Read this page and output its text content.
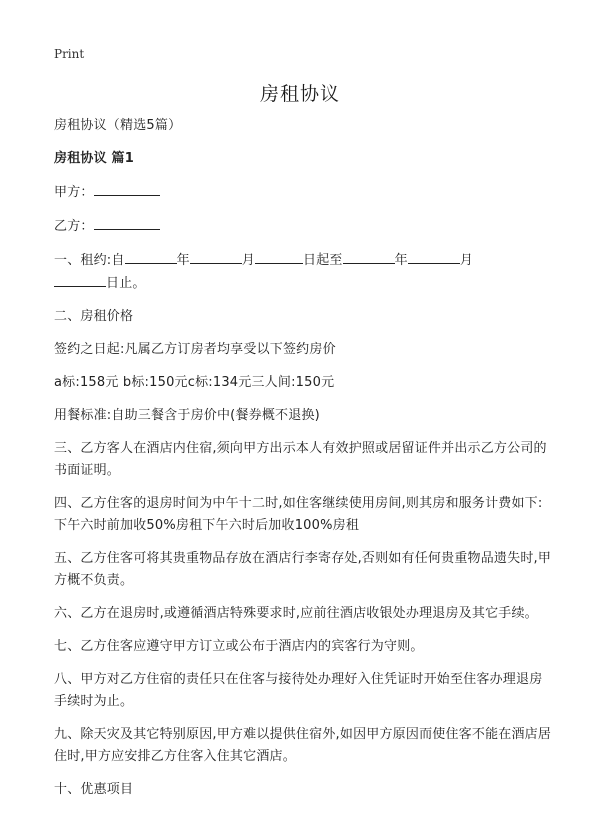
Print
房租协议

房租协议（精选5篇）

房租协议 篇1

甲方：

乙方：

一、租约:自	年	月	日起至	年	月
日止。

二、房租价格

签约之日起:凡属乙方订房者均享受以下签约房价

a标:158元 b标:150元c标:134元三人间:150元

用餐标准:自助三餐含于房价中(餐券概不退换)

三、乙方客人在酒店内住宿,须向甲方出示本人有效护照或居留证件并出示乙方公司的书面证明。

四、乙方住客的退房时间为中午十二时,如住客继续使用房间,则其房和服务计费如下:下午六时前加收50%房租下午六时后加收100%房租

五、乙方住客可将其贵重物品存放在酒店行李寄存处,否则如有任何贵重物品遗失时,甲方概不负责。

六、乙方在退房时,或遵循酒店特殊要求时,应前往酒店收银处办理退房及其它手续。

七、乙方住客应遵守甲方订立或公布于酒店内的宾客行为守则。

八、甲方对乙方住宿的责任只在住客与接待处办理好入住凭证时开始至住客办理退房手续时为止。

九、除天灾及其它特别原因,甲方难以提供住宿外,如因甲方原因而使住客不能在酒店居住时,甲方应安排乙方住客入住其它酒店。

十、优惠项目
